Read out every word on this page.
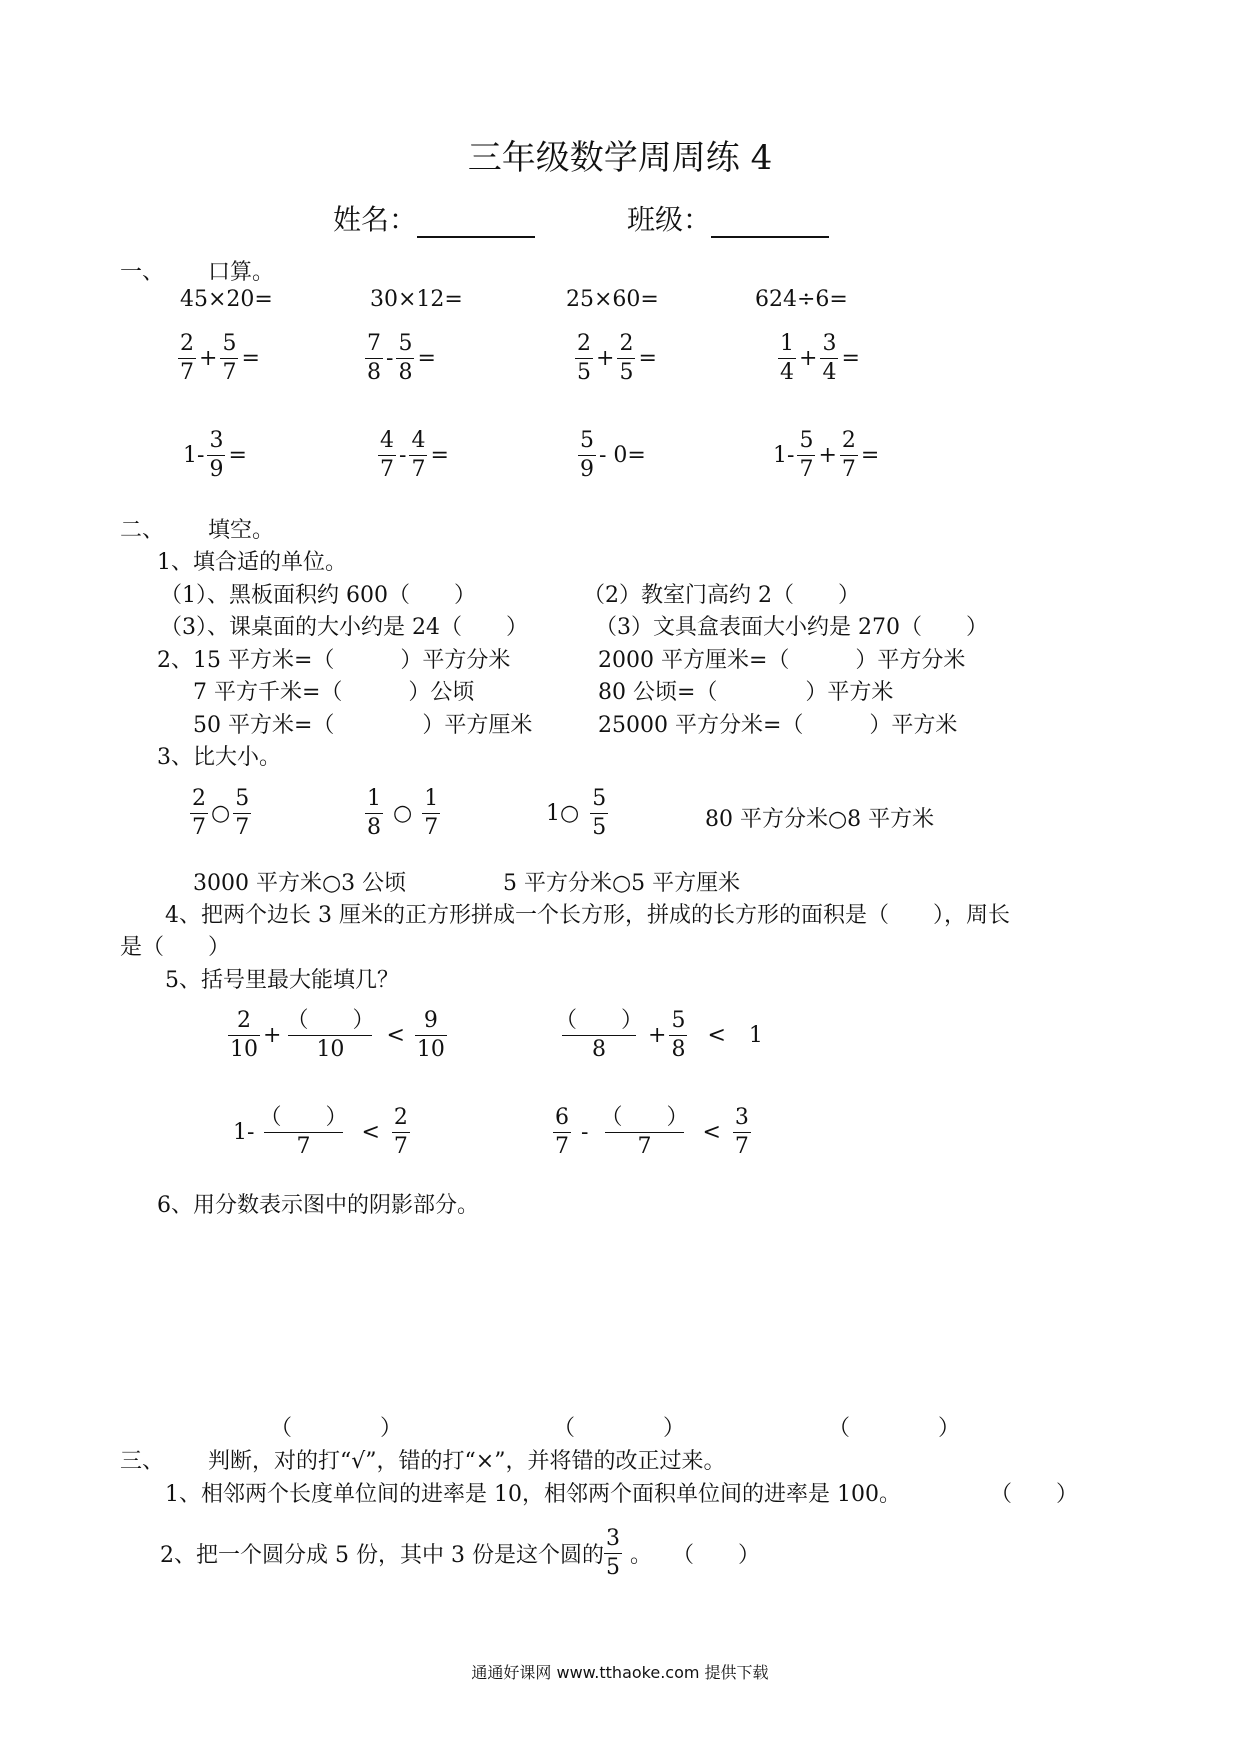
三年级数学周周练 4
姓名：	班级：
一、 口算。
45×20=	30×12=	25×60=	624÷6=
$\frac{2}{7} + \frac{5}{7}$ =	$\frac{7}{8} - \frac{5}{8}$ =	$\frac{2}{5} + \frac{2}{5}$ =	$\frac{1}{4} + \frac{3}{4}$ =
$1- \frac{3}{9}$ =	$\frac{4}{7} - \frac{4}{7}$ =	$\frac{5}{9} - 0=$	$1- \frac{5}{7} + \frac{2}{7}$ =
二、 填空。
1、填合适的单位。
（1）、黑板面积约 600（　　）	（2）教室门高约 2（　　）
（3）、课桌面的大小约是 24（　　）	（3）文具盒表面大小约是 270（　　）
2、15 平方米=（　　　）平方分米	2000 平方厘米=（　　　）平方分米
7 平方千米=（　　　）公顷	80 公顷=（　　　　）平方米
50 平方米=（　　　　）平方厘米	25000 平方分米=（　　　）平方米
3、比大小。
$\frac{2}{7}$ ○ $\frac{5}{7}$	$\frac{1}{8}$ ○ $\frac{1}{7}$	1○ $\frac{5}{5}$	80 平方分米○8 平方米
3000 平方米○3 公顷	5 平方分米○5 平方厘米
4、把两个边长 3 厘米的正方形拼成一个长方形，拼成的长方形的面积是（　　），周长
是（　　）
5、括号里最大能填几？
$\frac{2}{10} + \frac{( )}{10} < \frac{9}{10}$	$\frac{( )}{8} + \frac{5}{8} < 1$
$1- \frac{( )}{7} < \frac{2}{7}$	$\frac{6}{7} - \frac{( )}{7} < \frac{3}{7}$
6、用分数表示图中的阴影部分。
（　　　　）	（　　　　）	（　　　　）
三、 判断，对的打“√”，错的打“×”，并将错的改正过来。
1、相邻两个长度单位间的进率是 10，相邻两个面积单位间的进率是 100。	（　　）
2、把一个圆分成 5 份，其中 3 份是这个圆的 $\frac{3}{5}$ 。 （　　）
通通好课网 www.tthaoke.com 提供下载
